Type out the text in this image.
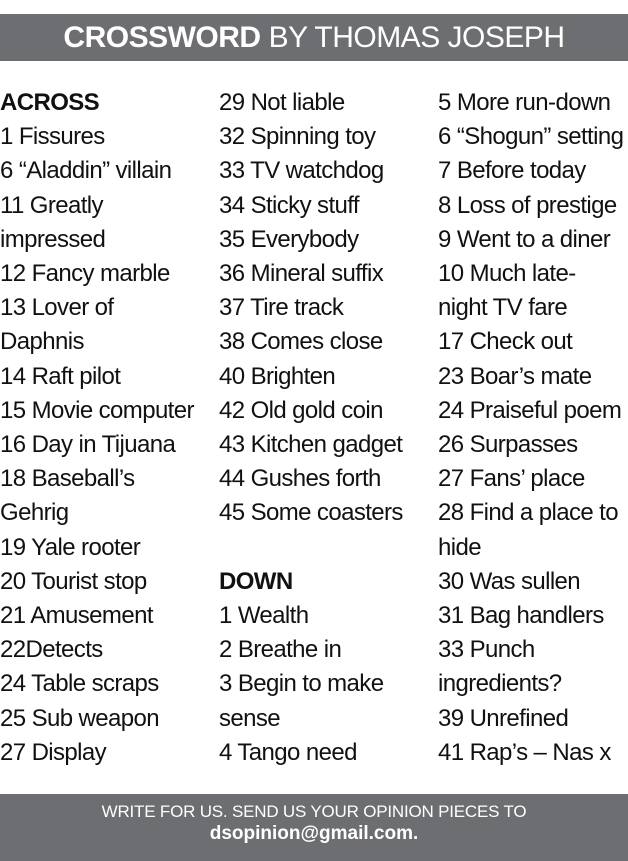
CROSSWORD BY THOMAS JOSEPH
ACROSS
1 Fissures
6 “Aladdin” villain
11 Greatly
impressed
12 Fancy marble
13 Lover of
Daphnis
14 Raft pilot
15 Movie computer
16 Day in Tijuana
18 Baseball’s
Gehrig
19 Yale rooter
20 Tourist stop
21 Amusement
22Detects
24 Table scraps
25 Sub weapon
27 Display
29 Not liable
32 Spinning toy
33 TV watchdog
34 Sticky stuff
35 Everybody
36 Mineral suffix
37 Tire track
38 Comes close
40 Brighten
42 Old gold coin
43 Kitchen gadget
44 Gushes forth
45 Some coasters

DOWN
1 Wealth
2 Breathe in
3 Begin to make
sense
4 Tango need
5 More run-down
6 “Shogun” setting
7 Before today
8 Loss of prestige
9 Went to a diner
10 Much late-
night TV fare
17 Check out
23 Boar’s mate
24 Praiseful poem
26 Surpasses
27 Fans’ place
28 Find a place to
hide
30 Was sullen
31 Bag handlers
33 Punch
ingredients?
39 Unrefined
41 Rap’s – Nas x
WRITE FOR US. SEND US YOUR OPINION PIECES TO
dsopinion@gmail.com.
